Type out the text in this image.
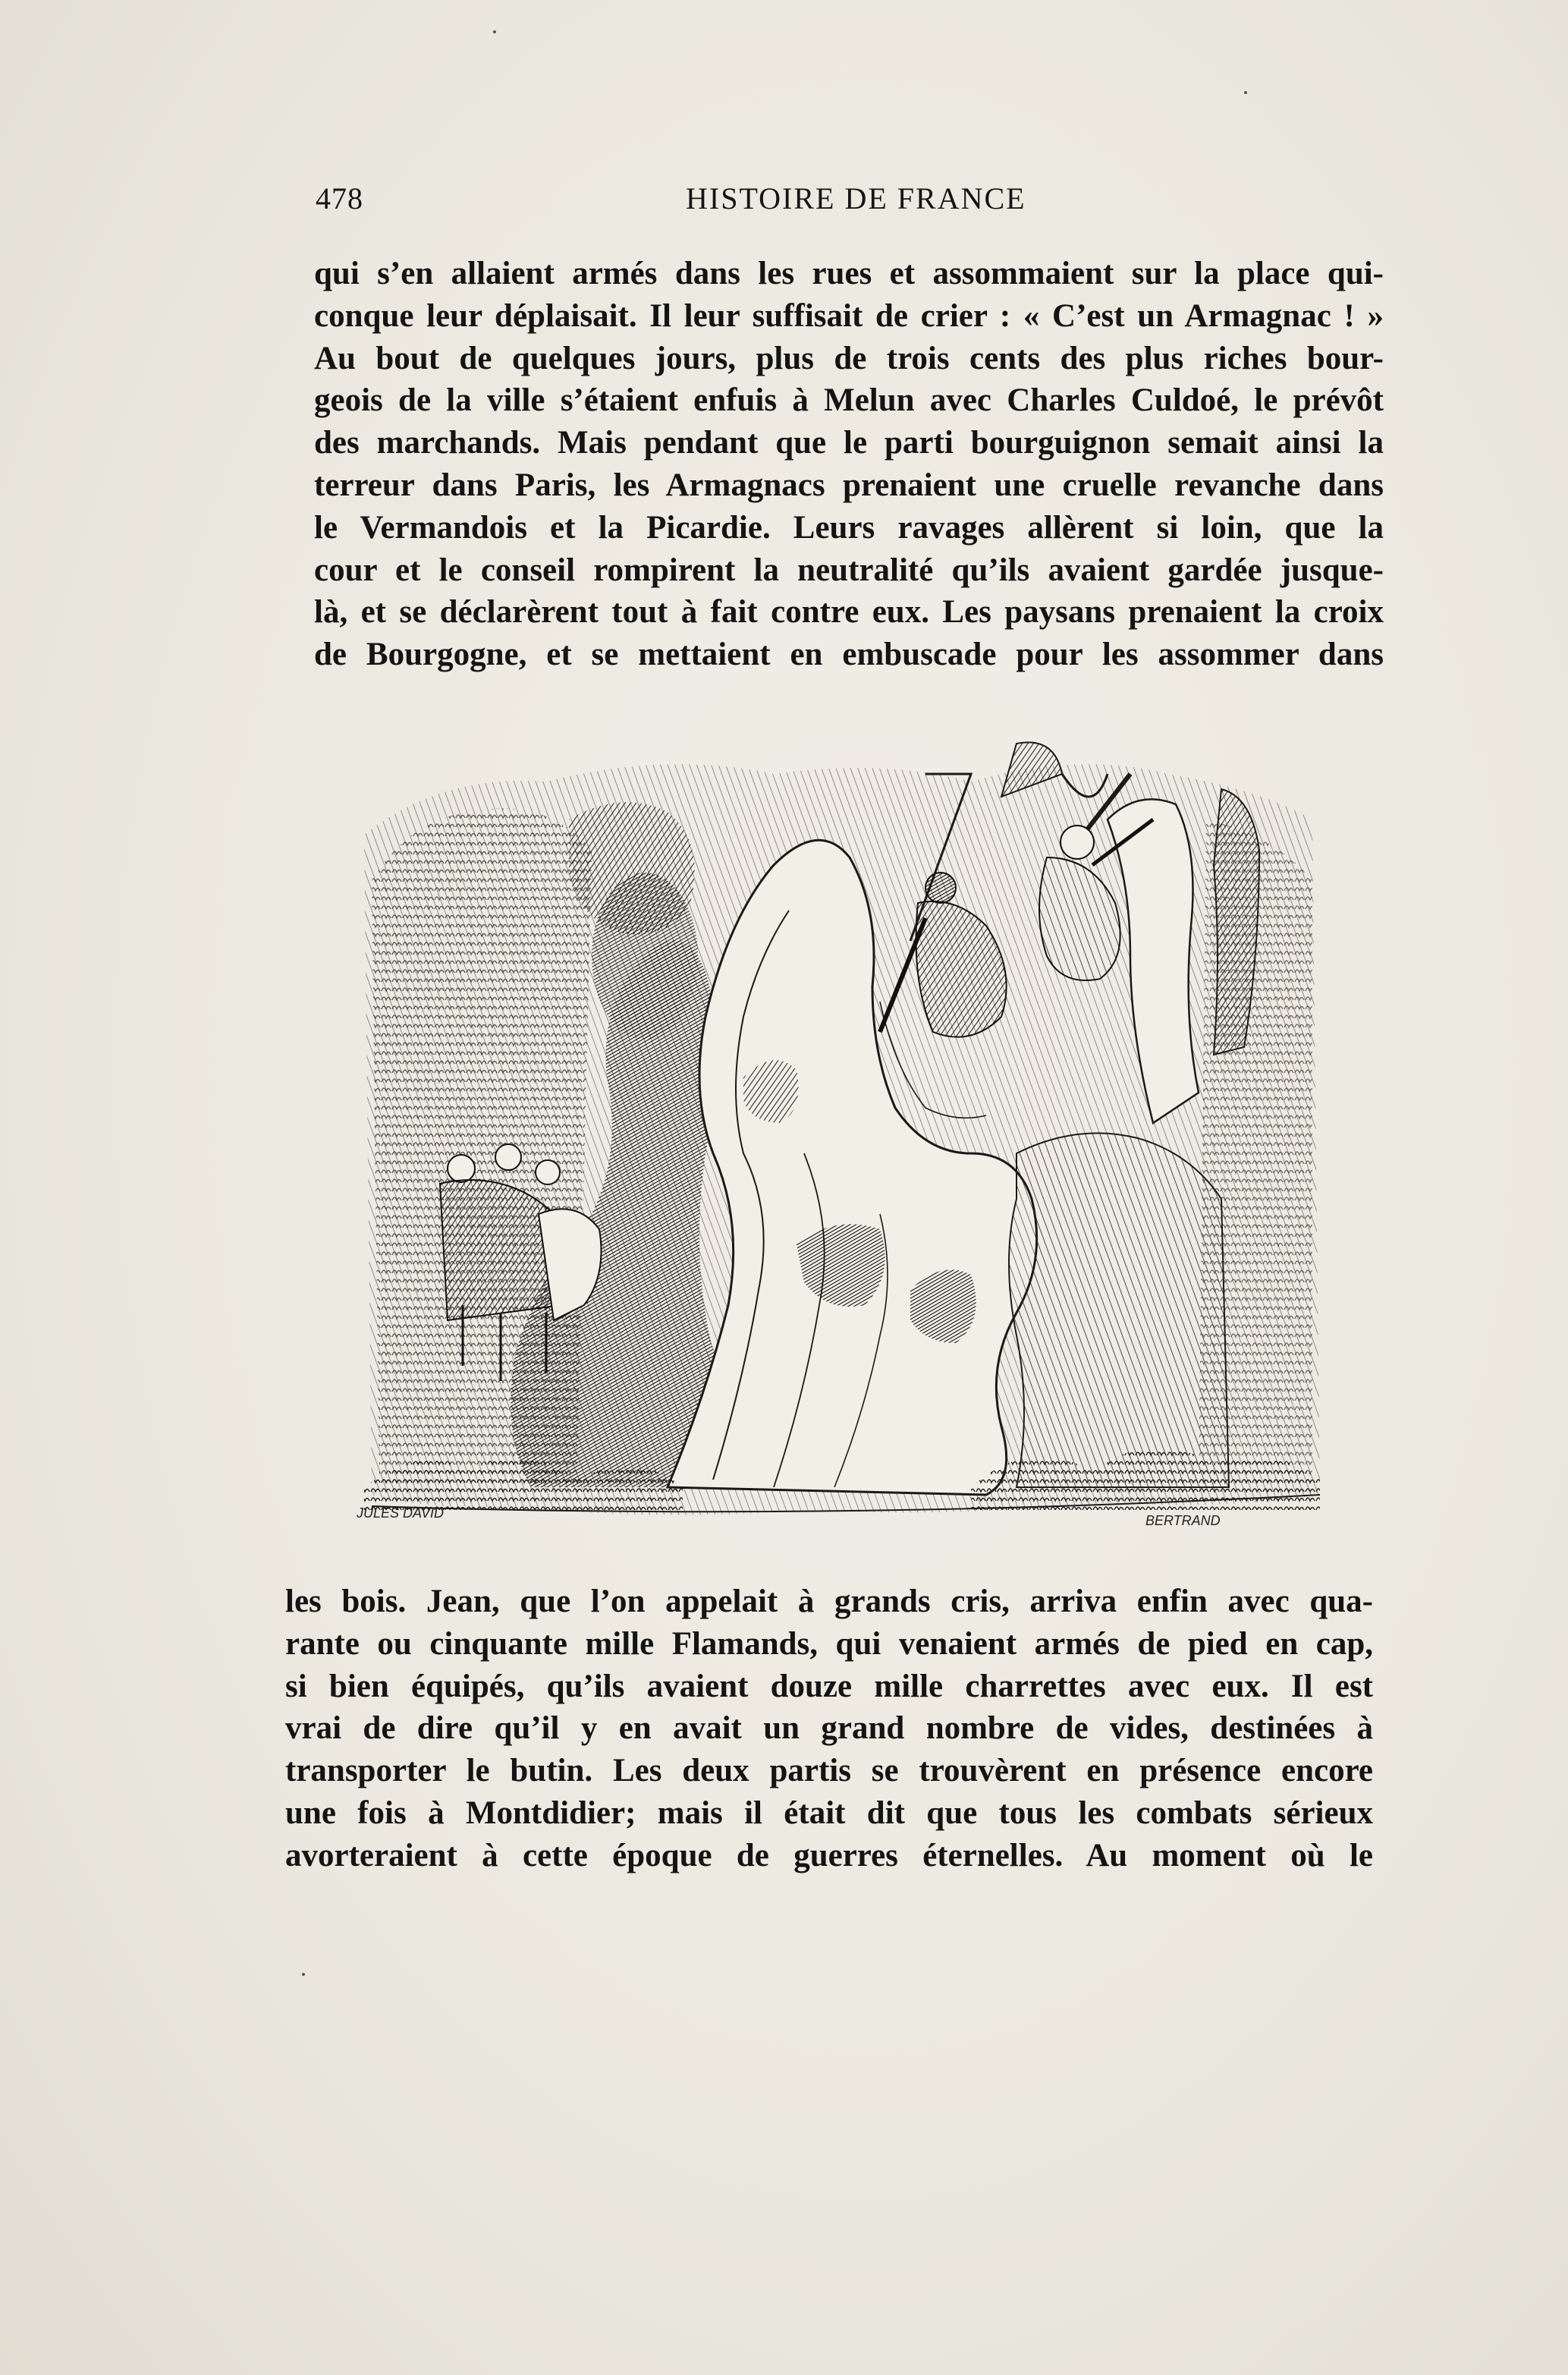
478	HISTOIRE DE FRANCE
qui s’en allaient armés dans les rues et assommaient sur la place qui-
conque leur déplaisait. Il leur suffisait de crier : « C’est un Armagnac ! »
Au bout de quelques jours, plus de trois cents des plus riches bour-
geois de la ville s’étaient enfuis à Melun avec Charles Culdoé, le prévôt
des marchands. Mais pendant que le parti bourguignon semait ainsi la
terreur dans Paris, les Armagnacs prenaient une cruelle revanche dans
le Vermandois et la Picardie. Leurs ravages allèrent si loin, que la
cour et le conseil rompirent la neutralité qu’ils avaient gardée jusque-
là, et se déclarèrent tout à fait contre eux. Les paysans prenaient la croix
de Bourgogne, et se mettaient en embuscade pour les assommer dans
JULES DAVID	BERTRAND
les bois. Jean, que l’on appelait à grands cris, arriva enfin avec qua-
rante ou cinquante mille Flamands, qui venaient armés de pied en cap,
si bien équipés, qu’ils avaient douze mille charrettes avec eux. Il est
vrai de dire qu’il y en avait un grand nombre de vides, destinées à
transporter le butin. Les deux partis se trouvèrent en présence encore
une fois à Montdidier; mais il était dit que tous les combats sérieux
avorteraient à cette époque de guerres éternelles. Au moment où le
